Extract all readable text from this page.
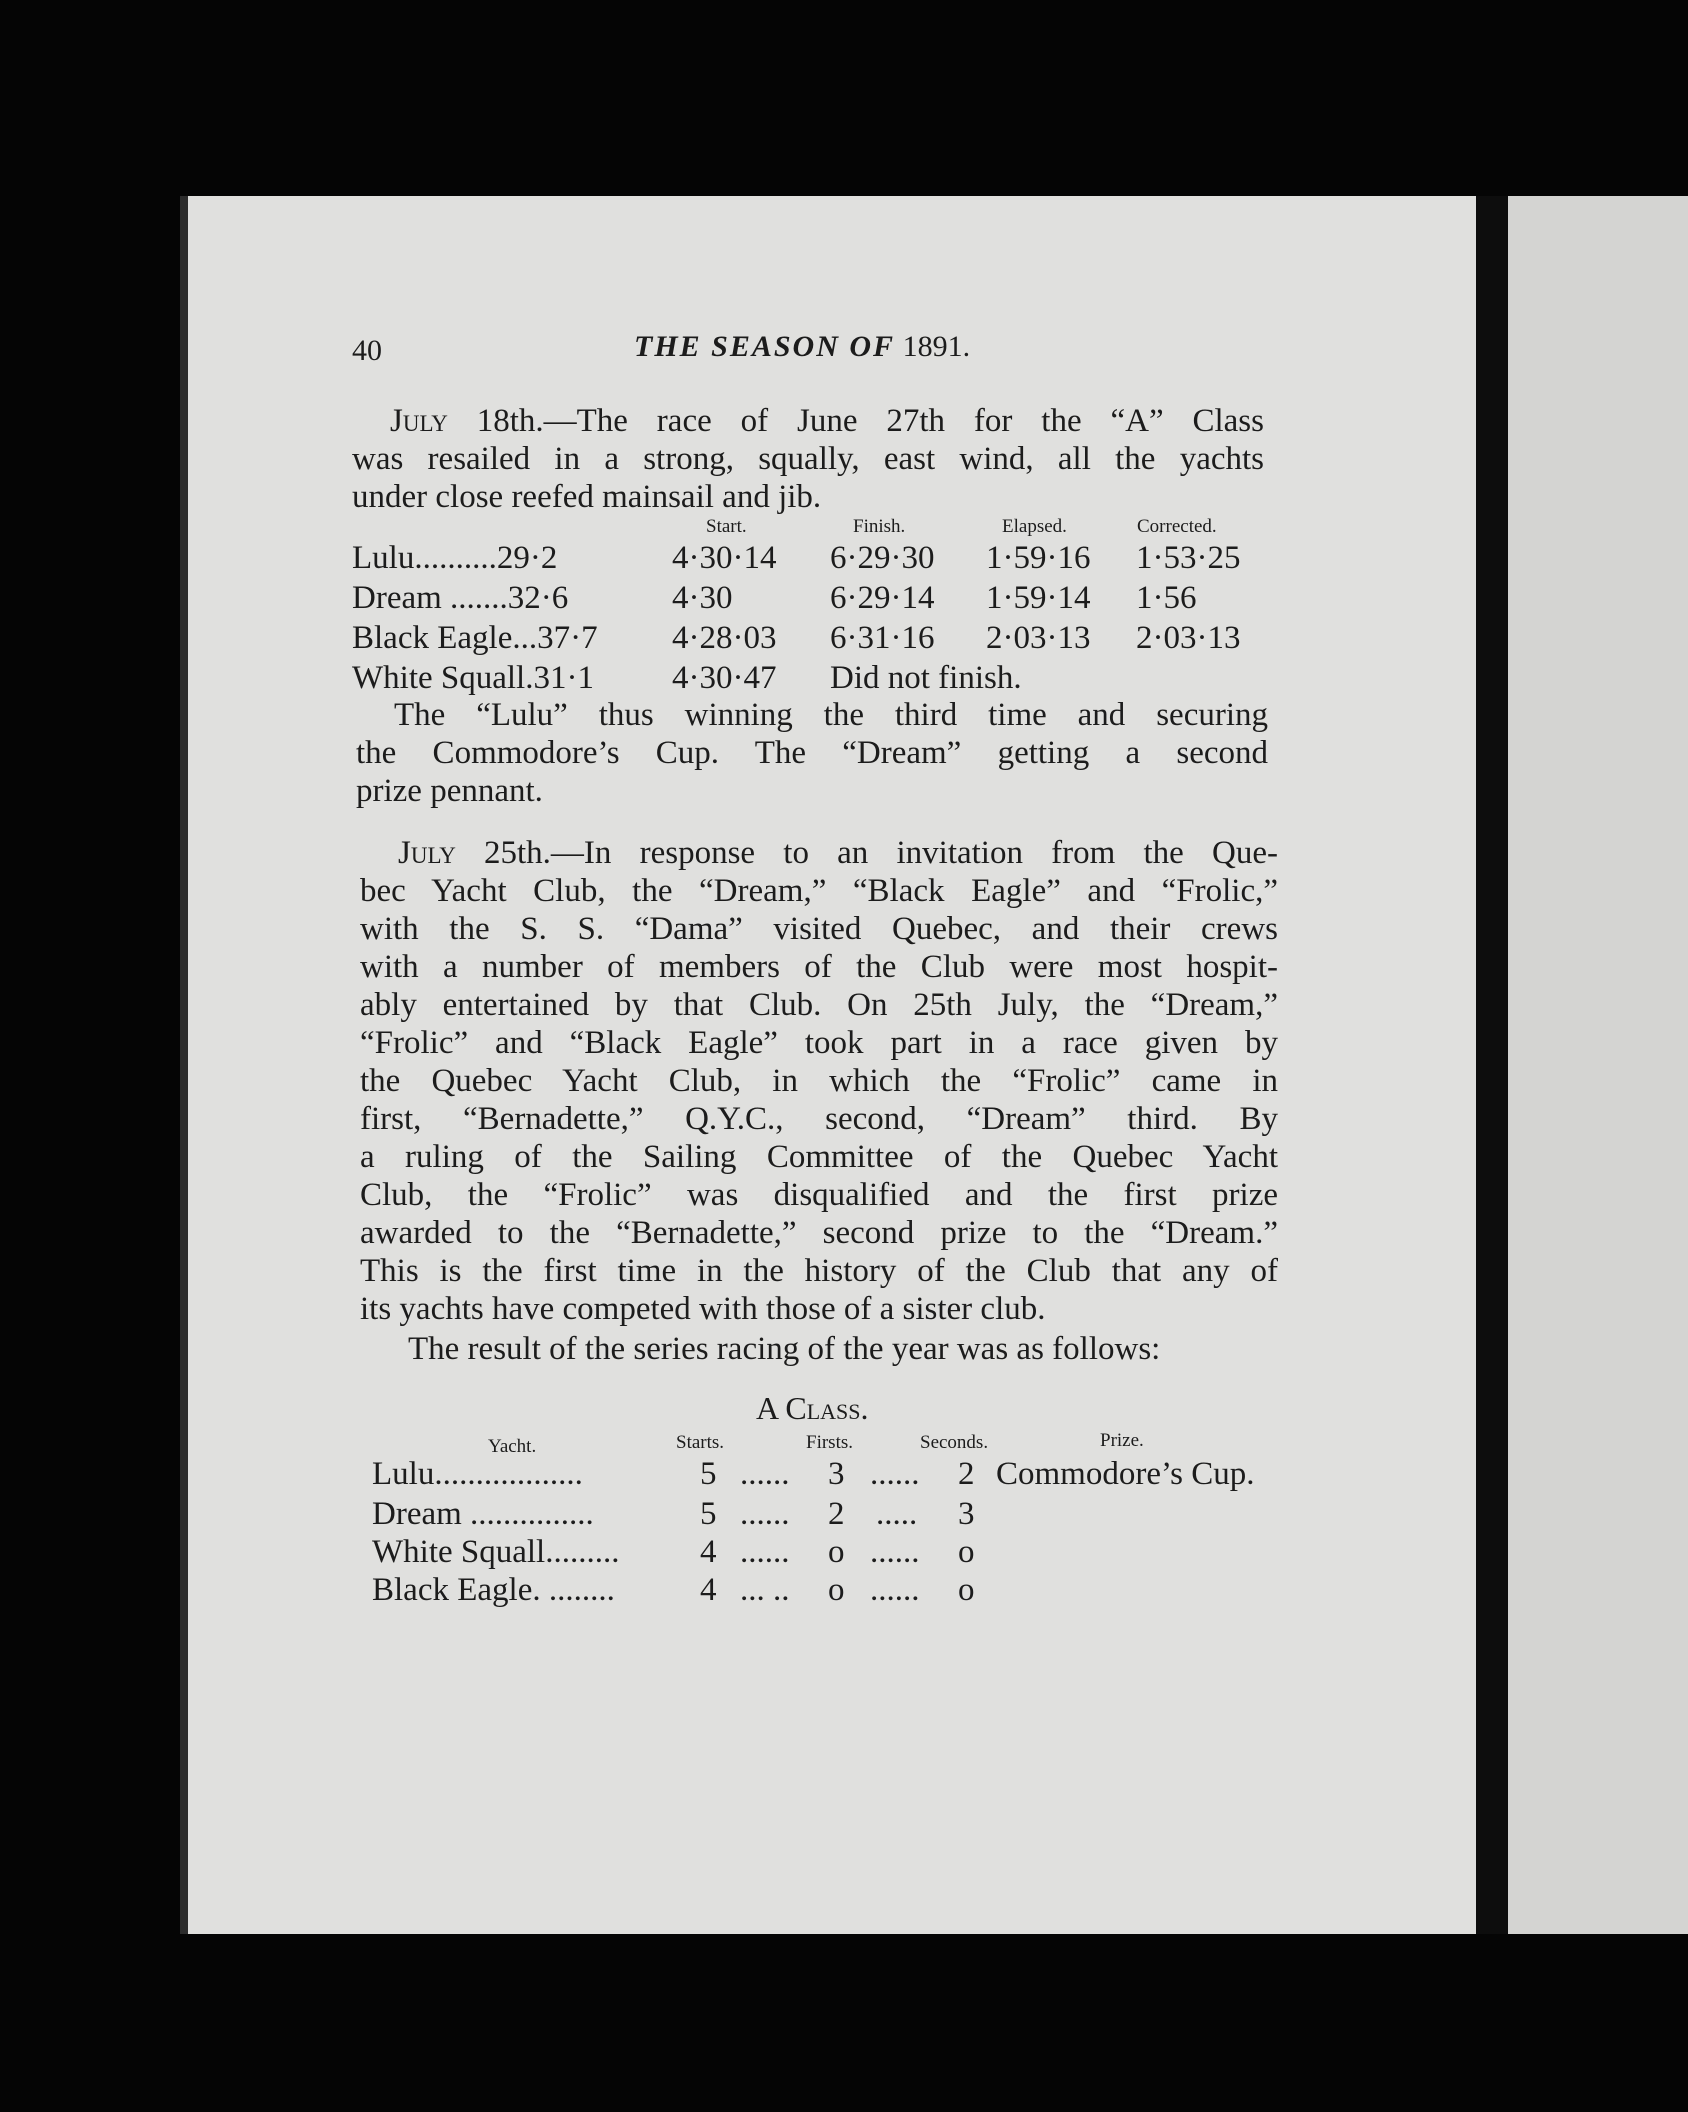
40	THE SEASON OF 1891.
July 18th.—The race of June 27th for the “A” Class
was resailed in a strong, squally, east wind, all the yachts
under close reefed mainsail and jib.
Start.	Finish.	Elapsed.	Corrected.
Lulu..........29·2	4·30·14 6·29·30 1·59·16 1·53·25
Dream .......32·6	4·30	6·29·14 1·59·14 1·56
Black Eagle...37·7 4·28·03 6·31·16 2·03·13 2·03·13
White Squall.31·1 4·30·47 Did not finish.
The “Lulu” thus winning the third time and securing
the Commodore’s Cup. The “Dream” getting a second
prize pennant.
July 25th.—In response to an invitation from the Que-
bec Yacht Club, the “Dream,” “Black Eagle” and “Frolic,”
with the S. S. “Dama” visited Quebec, and their crews
with a number of members of the Club were most hospit-
ably entertained by that Club. On 25th July, the “Dream,”
“Frolic” and “Black Eagle” took part in a race given by
the Quebec Yacht Club, in which the “Frolic” came in
first, “Bernadette,” Q.Y.C., second, “Dream” third. By
a ruling of the Sailing Committee of the Quebec Yacht
Club, the “Frolic” was disqualified and the first prize
awarded to the “Bernadette,” second prize to the “Dream.”
This is the first time in the history of the Club that any of
its yachts have competed with those of a sister club.
The result of the series racing of the year was as follows:
A Class.
Yacht.	Starts.	Firsts.	Seconds.	Prize.
Lulu..................	5 ...... 3 ...... 2 Commodore’s Cup.
Dream ...............	5 ...... 2 ..... 3
White Squall......... 4 ...... o ...... o
Black Eagle. ........	4 ... .. o ...... o
